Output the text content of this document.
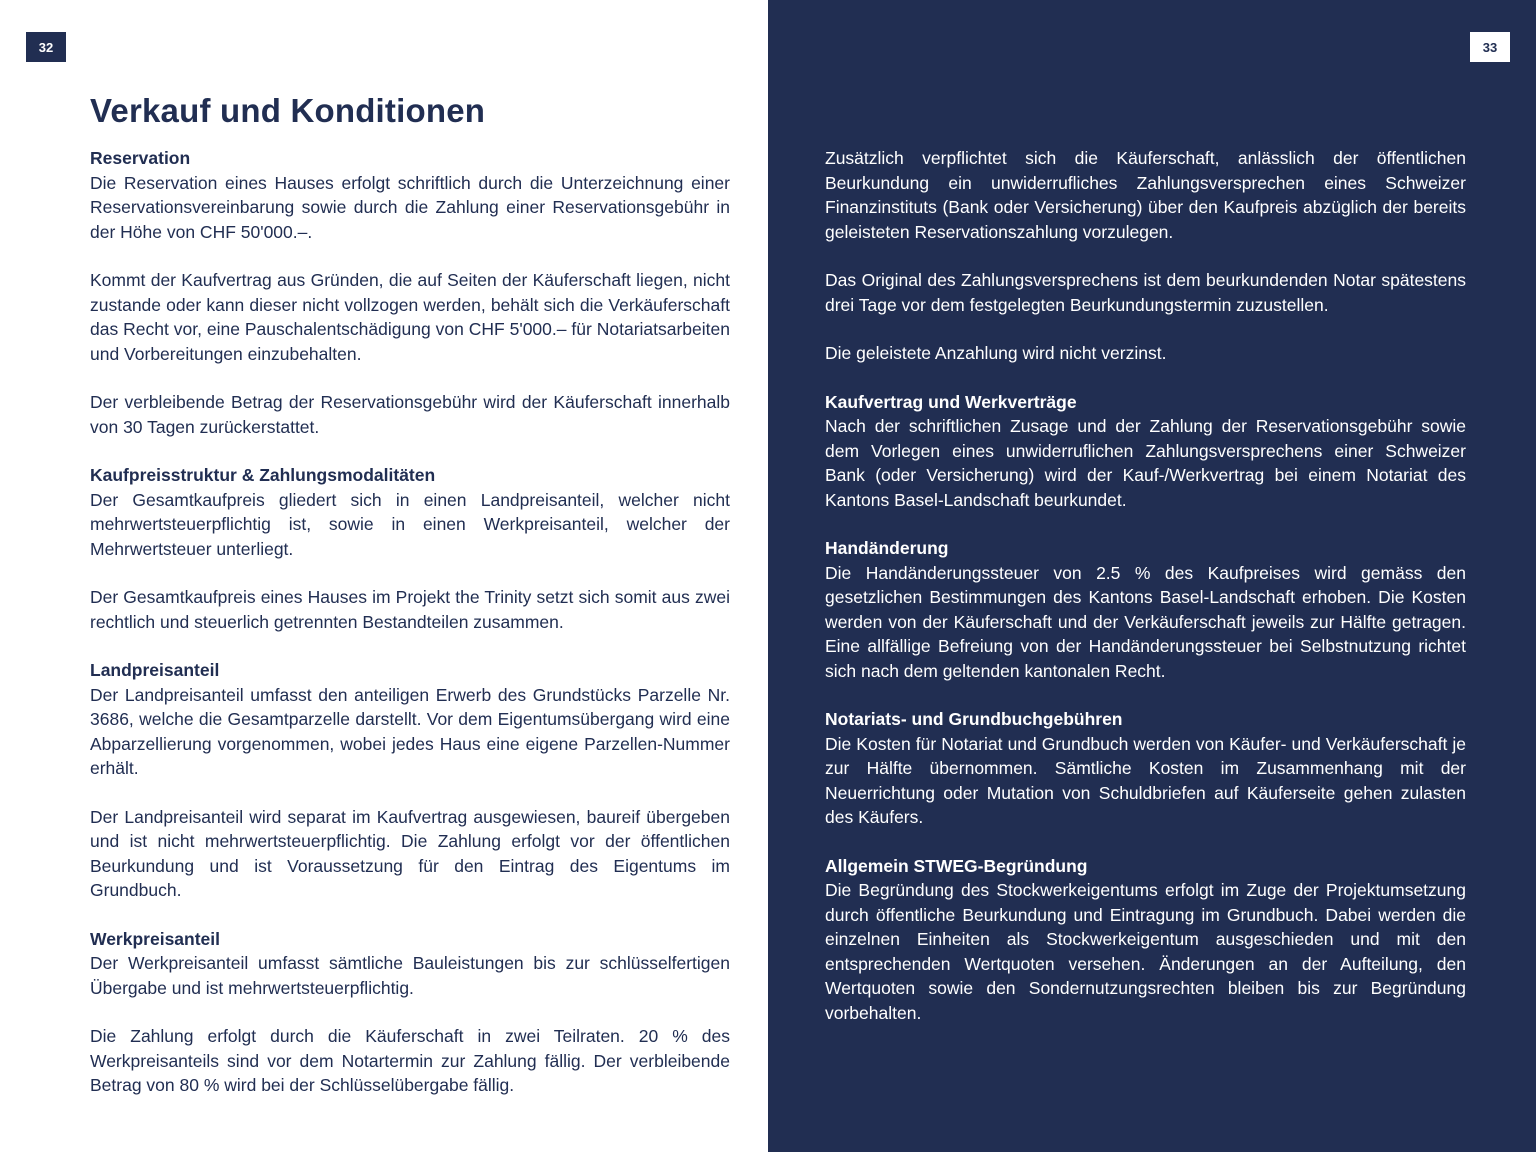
32
Verkauf und Konditionen
Reservation

Die Reservation eines Hauses erfolgt schriftlich durch die Unterzeichnung einer Reservationsvereinbarung sowie durch die Zahlung einer Reservationsgebühr in der Höhe von CHF 50'000.–.

Kommt der Kaufvertrag aus Gründen, die auf Seiten der Käuferschaft liegen, nicht zustande oder kann dieser nicht vollzogen werden, behält sich die Verkäuferschaft das Recht vor, eine Pauschalentschädigung von CHF 5'000.– für Notariatsarbeiten und Vorbereitungen einzubehalten.

Der verbleibende Betrag der Reservationsgebühr wird der Käuferschaft innerhalb von 30 Tagen zurückerstattet.

Kaufpreisstruktur & Zahlungsmodalitäten

Der Gesamtkaufpreis gliedert sich in einen Landpreisanteil, welcher nicht mehrwertsteuerpflichtig ist, sowie in einen Werkpreisanteil, welcher der Mehrwertsteuer unterliegt.

Der Gesamtkaufpreis eines Hauses im Projekt the Trinity setzt sich somit aus zwei rechtlich und steuerlich getrennten Bestandteilen zusammen.

Landpreisanteil

Der Landpreisanteil umfasst den anteiligen Erwerb des Grundstücks Parzelle Nr. 3686, welche die Gesamtparzelle darstellt. Vor dem Eigentumsübergang wird eine Abparzellierung vorgenommen, wobei jedes Haus eine eigene Parzellen-Nummer erhält.

Der Landpreisanteil wird separat im Kaufvertrag ausgewiesen, baureif übergeben und ist nicht mehrwertsteuerpflichtig. Die Zahlung erfolgt vor der öffentlichen Beurkundung und ist Voraussetzung für den Eintrag des Eigentums im Grundbuch.

Werkpreisanteil

Der Werkpreisanteil umfasst sämtliche Bauleistungen bis zur schlüsselfertigen Übergabe und ist mehrwertsteuerpflichtig.

Die Zahlung erfolgt durch die Käuferschaft in zwei Teilraten. 20 % des Werkpreisanteils sind vor dem Notartermin zur Zahlung fällig. Der verbleibende Betrag von 80 % wird bei der Schlüsselübergabe fällig.

33

Zusätzlich verpflichtet sich die Käuferschaft, anlässlich der öffentlichen Beurkundung ein unwiderrufliches Zahlungsversprechen eines Schweizer Finanzinstituts (Bank oder Versicherung) über den Kaufpreis abzüglich der bereits geleisteten Reservationszahlung vorzulegen.

Das Original des Zahlungsversprechens ist dem beurkundenden Notar spätestens drei Tage vor dem festgelegten Beurkundungstermin zuzustellen.

Die geleistete Anzahlung wird nicht verzinst.

Kaufvertrag und Werkverträge

Nach der schriftlichen Zusage und der Zahlung der Reservationsgebühr sowie dem Vorlegen eines unwiderruflichen Zahlungsversprechens einer Schweizer Bank (oder Versicherung) wird der Kauf-/Werkvertrag bei einem Notariat des Kantons Basel-Landschaft beurkundet.

Handänderung

Die Handänderungssteuer von 2.5 % des Kaufpreises wird gemäss den gesetzlichen Bestimmungen des Kantons Basel-Landschaft erhoben. Die Kosten werden von der Käuferschaft und der Verkäuferschaft jeweils zur Hälfte getragen. Eine allfällige Befreiung von der Handänderungssteuer bei Selbstnutzung richtet sich nach dem geltenden kantonalen Recht.

Notariats- und Grundbuchgebühren

Die Kosten für Notariat und Grundbuch werden von Käufer- und Verkäuferschaft je zur Hälfte übernommen. Sämtliche Kosten im Zusammenhang mit der Neuerrichtung oder Mutation von Schuldbriefen auf Käuferseite gehen zulasten des Käufers.

Allgemein STWEG-Begründung

Die Begründung des Stockwerkeigentums erfolgt im Zuge der Projektumsetzung durch öffentliche Beurkundung und Eintragung im Grundbuch. Dabei werden die einzelnen Einheiten als Stockwerkeigentum ausgeschieden und mit den entsprechenden Wertquoten versehen. Änderungen an der Aufteilung, den Wertquoten sowie den Sondernutzungsrechten bleiben bis zur Begründung vorbehalten.
